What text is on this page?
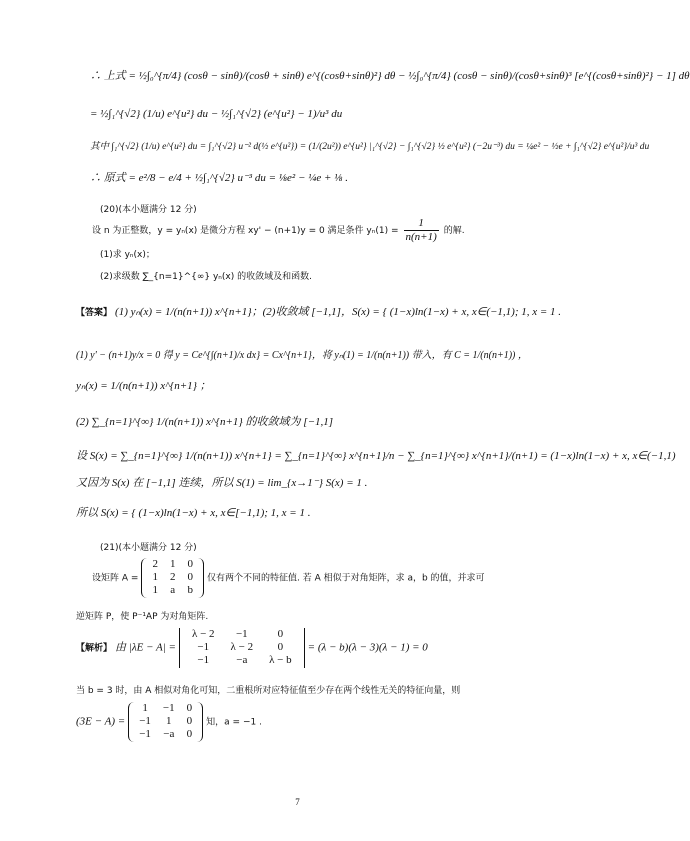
∴ 上式 = ½∫₀^{π/4} (cosθ − sinθ)/(cosθ + sinθ) e^{(cosθ+sinθ)²} dθ − ½∫₀^{π/4} (cosθ − sinθ)/(cosθ+sinθ)³ [e^{(cosθ+sinθ)²} − 1] dθ
= ½∫₁^{√2} (1/u) e^{u²} du − ½∫₁^{√2} (e^{u²} − 1)/u³ du
其中 ∫₁^{√2} (1/u) e^{u²} du = ∫₁^{√2} u⁻² d(½ e^{u²}) = (1/(2u²)) e^{u²} |₁^{√2} − ∫₁^{√2} ½ e^{u²} (−2u⁻³) du = ¼e² − ½e + ∫₁^{√2} e^{u²}/u³ du
∴ 原式 = e²/8 − e/4 + ½∫₁^{√2} u⁻³ du = ⅛e² − ¼e + ⅛ .
(20)(本小题满分 12 分)
设 n 为正整数，y = yₙ(x) 是微分方程 xy' − (n+1)y = 0 满足条件 $y_n(1) = \frac{1}{n(n+1)}$ 的解.
(1)求 yₙ(x)；
(2)求级数 ∑_{n=1}^{∞} yₙ(x) 的收敛域及和函数.
【答案】 (1) yₙ(x) = 1/(n(n+1)) x^{n+1}；(2)收敛域 [−1,1]，S(x) = { (1−x)ln(1−x) + x, x∈(−1,1); 1, x = 1 .
(1) y' − (n+1)y/x = 0 得 y = Ce^{∫(n+1)/x dx} = Cx^{n+1}，将 yₙ(1) = 1/(n(n+1)) 带入，有 C = 1/(n(n+1)) ，
yₙ(x) = 1/(n(n+1)) x^{n+1} ；
(2) ∑_{n=1}^{∞} 1/(n(n+1)) x^{n+1} 的收敛域为 [−1,1]
设 S(x) = ∑_{n=1}^{∞} 1/(n(n+1)) x^{n+1} = ∑_{n=1}^{∞} x^{n+1}/n − ∑_{n=1}^{∞} x^{n+1}/(n+1) = (1−x)ln(1−x) + x, x∈(−1,1)
又因为 S(x) 在 [−1,1] 连续，所以 S(1) = lim_{x→1⁻} S(x) = 1 .
所以 S(x) = { (1−x)ln(1−x) + x, x∈[−1,1); 1, x = 1 .
(21)(本小题满分 12 分)
设矩阵 A =
2	1	0
1	2	0
1	a	b
仅有两个不同的特征值. 若 A 相似于对角矩阵，求 a，b 的值，并求可
逆矩阵 P，使 P⁻¹AP 为对角矩阵.
【解析】 由 |λE − A| =
λ − 2	−1	0
−1	λ − 2	0
−1	−a	λ − b
= (λ − b)(λ − 3)(λ − 1) = 0
当 b = 3 时，由 A 相似对角化可知，二重根所对应特征值至少存在两个线性无关的特征向量，则
(3E − A) =
1	−1	0
−1	1	0
−1	−a	0
知，a = −1 .
7
